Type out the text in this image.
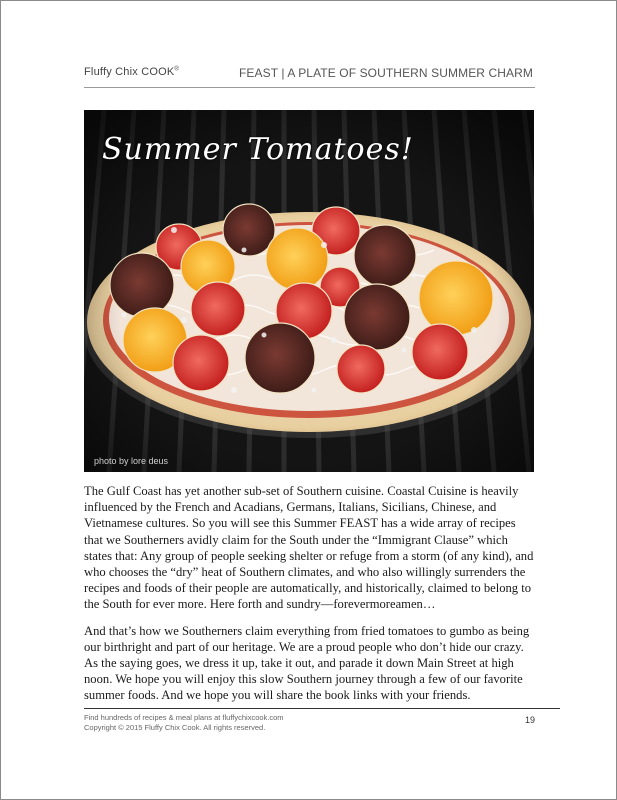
Fluffy Chix COOK®	FEAST | A PLATE OF SOUTHERN SUMMER CHARM
Summer Tomatoes!
photo by lore deus

The Gulf Coast has yet another sub-set of Southern cuisine. Coastal Cuisine is heavily influenced by the French and Acadians, Germans, Italians, Sicilians, Chinese, and Vietnamese cultures. So you will see this Summer FEAST has a wide array of recipes that we Southerners avidly claim for the South under the “Immigrant Clause” which states that: Any group of people seeking shelter or refuge from a storm (of any kind), and who chooses the “dry” heat of Southern climates, and who also willingly surrenders the recipes and foods of their people are automatically, and historically, claimed to belong to the South for ever more. Here forth and sundry—forevermoreamen…

And that’s how we Southerners claim everything from fried tomatoes to gumbo as being our birthright and part of our heritage. We are a proud people who don’t hide our crazy. As the saying goes, we dress it up, take it out, and parade it down Main Street at high noon. We hope you will enjoy this slow Southern journey through a few of our favorite summer foods. And we hope you will share the book links with your friends.

Find hundreds of recipes & meal plans at fluffychixcook.com
Copyright © 2015 Fluffy Chix Cook. All rights reserved.
19
